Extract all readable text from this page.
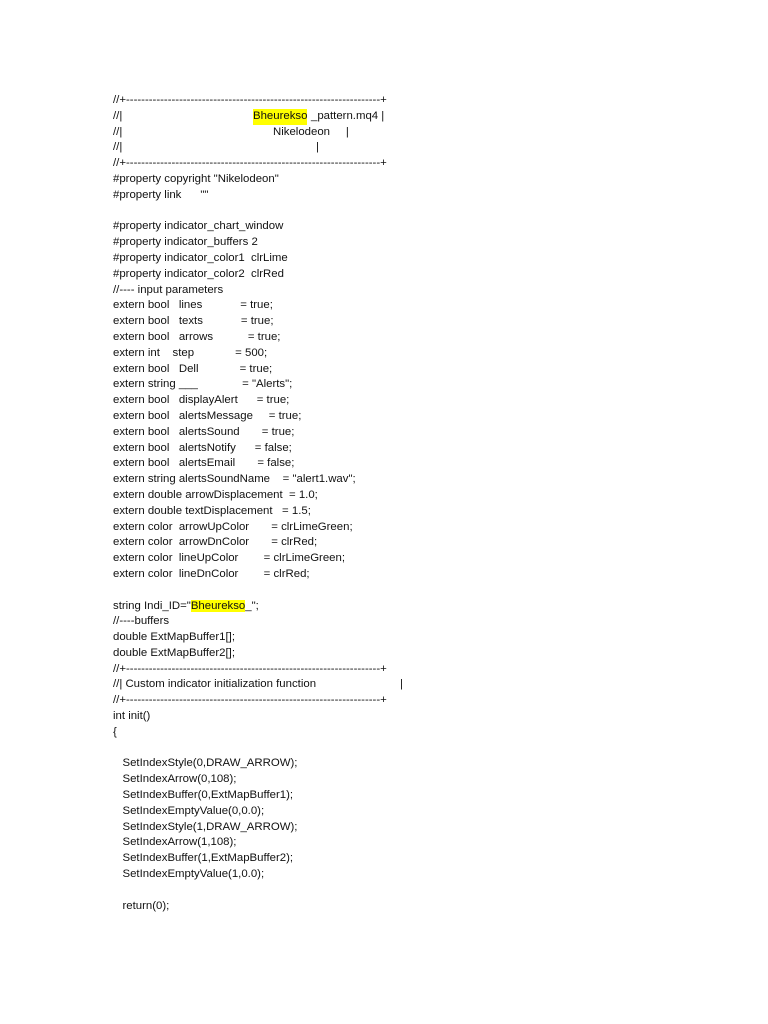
//+-------------------------------------------------------------------+
//|	Bheurekso _pattern.mq4 |
//|	Nikelodeon     |
//|	|
//+-------------------------------------------------------------------+
#property copyright "Nikelodeon"
#property link      ""
#property indicator_chart_window
#property indicator_buffers 2
#property indicator_color1  clrLime
#property indicator_color2  clrRed
//---- input parameters
extern bool   lines            = true;
extern bool   texts            = true;
extern bool   arrows           = true;
extern int    step             = 500;
extern bool   Dell             = true;
extern string ___              = "Alerts";
extern bool   displayAlert      = true;
extern bool   alertsMessage     = true;
extern bool   alertsSound       = true;
extern bool   alertsNotify      = false;
extern bool   alertsEmail       = false;
extern string alertsSoundName    = "alert1.wav";
extern double arrowDisplacement  = 1.0;
extern double textDisplacement   = 1.5;
extern color  arrowUpColor       = clrLimeGreen;
extern color  arrowDnColor       = clrRed;
extern color  lineUpColor        = clrLimeGreen;
extern color  lineDnColor        = clrRed;
string Indi_ID="Bheurekso_";
//----buffers
double ExtMapBuffer1[];
double ExtMapBuffer2[];
//+-------------------------------------------------------------------+
//| Custom indicator initialization function	|
//+-------------------------------------------------------------------+
int init()
{
SetIndexStyle(0,DRAW_ARROW);
SetIndexArrow(0,108);
SetIndexBuffer(0,ExtMapBuffer1);
SetIndexEmptyValue(0,0.0);
SetIndexStyle(1,DRAW_ARROW);
SetIndexArrow(1,108);
SetIndexBuffer(1,ExtMapBuffer2);
SetIndexEmptyValue(1,0.0);
return(0);
